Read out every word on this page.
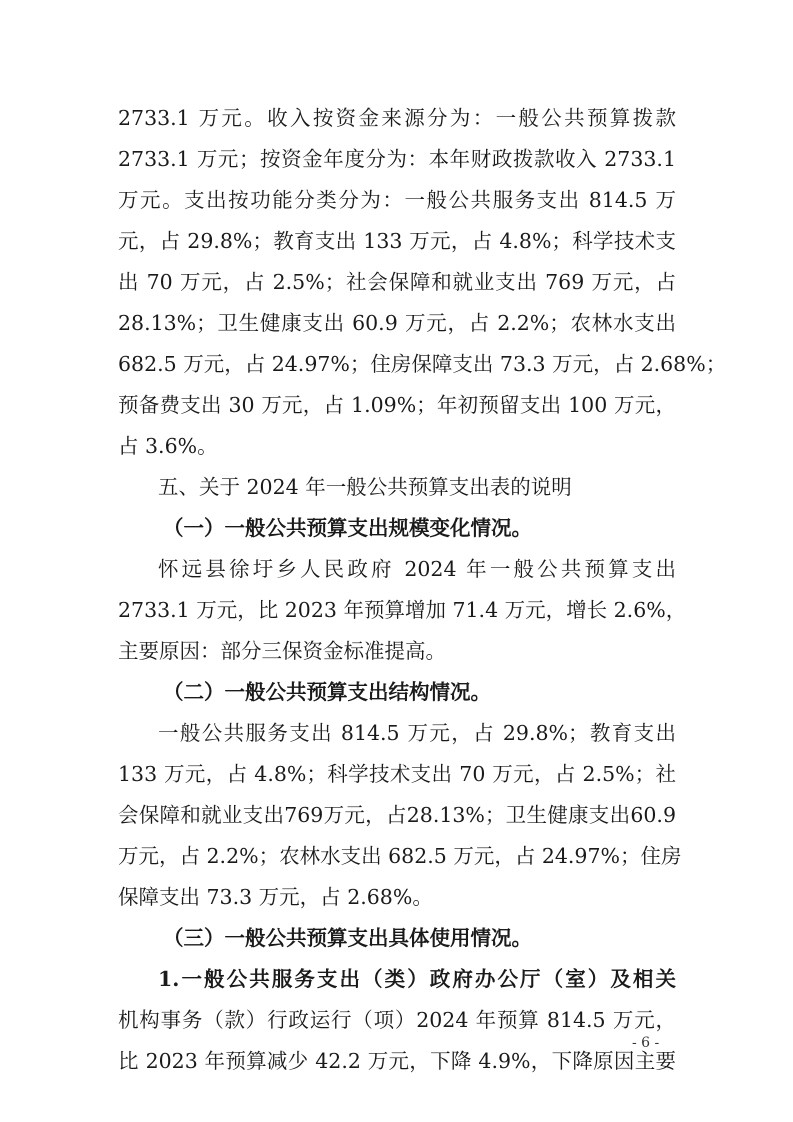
2733.1 万元。收入按资金来源分为：一般公共预算拨款
2733.1 万元；按资金年度分为：本年财政拨款收入 2733.1
万元。支出按功能分类分为：一般公共服务支出 814.5 万
元，占 29.8%；教育支出 133 万元，占 4.8%；科学技术支
出 70 万元，占 2.5%；社会保障和就业支出 769 万元，占
28.13%；卫生健康支出 60.9 万元，占 2.2%；农林水支出
682.5 万元，占 24.97%；住房保障支出 73.3 万元，占 2.68%；
预备费支出 30 万元，占 1.09%；年初预留支出 100 万元，
占 3.6%。
五、关于 2024 年一般公共预算支出表的说明
（一）一般公共预算支出规模变化情况。
怀远县徐圩乡人民政府 2024 年一般公共预算支出
2733.1 万元，比 2023 年预算增加 71.4 万元，增长 2.6%，
主要原因：部分三保资金标准提高。
（二）一般公共预算支出结构情况。
一般公共服务支出 814.5 万元，占 29.8%；教育支出
133 万元，占 4.8%；科学技术支出 70 万元，占 2.5%；社
会保障和就业支出769万元，占28.13%；卫生健康支出60.9
万元，占 2.2%；农林水支出 682.5 万元，占 24.97%；住房
保障支出 73.3 万元，占 2.68%。
（三）一般公共预算支出具体使用情况。
1.一般公共服务支出（类）政府办公厅（室）及相关
机构事务（款）行政运行（项）2024 年预算 814.5 万元，
比 2023 年预算减少 42.2 万元，下降 4.9%，下降原因主要
- 6 -
